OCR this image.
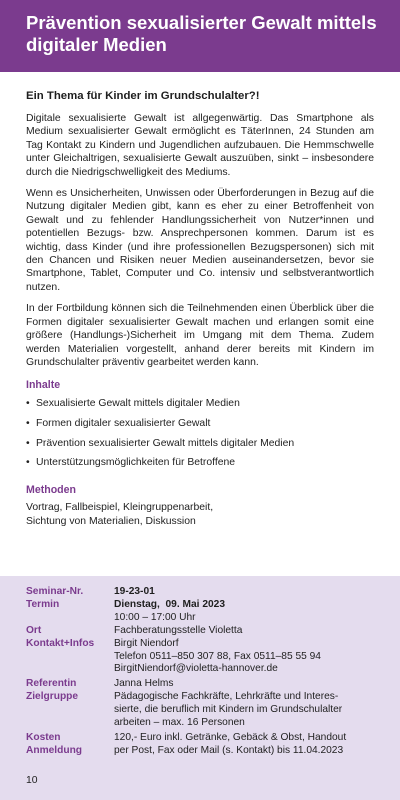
Prävention sexualisierter Gewalt mittels
digitaler Medien
Ein Thema für Kinder im Grundschulalter?!

Digitale sexualisierte Gewalt ist allgegenwärtig. Das Smartphone als Medium sexualisierter Gewalt ermöglicht es TäterInnen, 24 Stunden am Tag Kontakt zu Kindern und Jugendlichen aufzubauen. Die Hemmschwelle unter Gleichaltrigen, sexualisierte Gewalt auszuüben, sinkt – insbesondere durch die Niedrigschwelligkeit des Mediums.

Wenn es Unsicherheiten, Unwissen oder Überforderungen in Bezug auf die Nutzung digitaler Medien gibt, kann es eher zu einer Betroffenheit von Gewalt und zu fehlender Handlungssicherheit von Nutzer*innen und potentiellen Bezugs- bzw. Ansprechpersonen kommen. Darum ist es wichtig, dass Kinder (und ihre professionellen Bezugspersonen) sich mit den Chancen und Risiken neuer Medien auseinandersetzen, bevor sie Smartphone, Tablet, Computer und Co. intensiv und selbstverantwortlich nutzen.

In der Fortbildung können sich die Teilnehmenden einen Überblick über die Formen digitaler sexualisierter Gewalt machen und erlangen somit eine größere (Handlungs-)Sicherheit im Umgang mit dem Thema. Zudem werden Materialien vorgestellt, anhand derer bereits mit Kindern im Grundschulalter präventiv gearbeitet werden kann.

Inhalte
• Sexualisierte Gewalt mittels digitaler Medien
• Formen digitaler sexualisierter Gewalt
• Prävention sexualisierter Gewalt mittels digitaler Medien
• Unterstützungsmöglichkeiten für Betroffene
Methoden

Vortrag, Fallbeispiel, Kleingruppenarbeit,
Sichtung von Materialien, Diskussion

Seminar-Nr.	19-23-01
Termin	Dienstag,  09. Mai 2023
10:00 – 17:00 Uhr
Ort	Fachberatungsstelle Violetta
Kontakt+Infos	Birgit Niendorf
Telefon 0511–850 307 88, Fax 0511–85 55 94
BirgitNiendorf@violetta-hannover.de
Referentin	Janna Helms
Zielgruppe	Pädagogische Fachkräfte, Lehrkräfte und Interes-
sierte, die beruflich mit Kindern im Grundschulalter
arbeiten – max. 16 Personen
Kosten	120,- Euro inkl. Getränke, Gebäck & Obst, Handout
Anmeldung	per Post, Fax oder Mail (s. Kontakt) bis 11.04.2023
10
